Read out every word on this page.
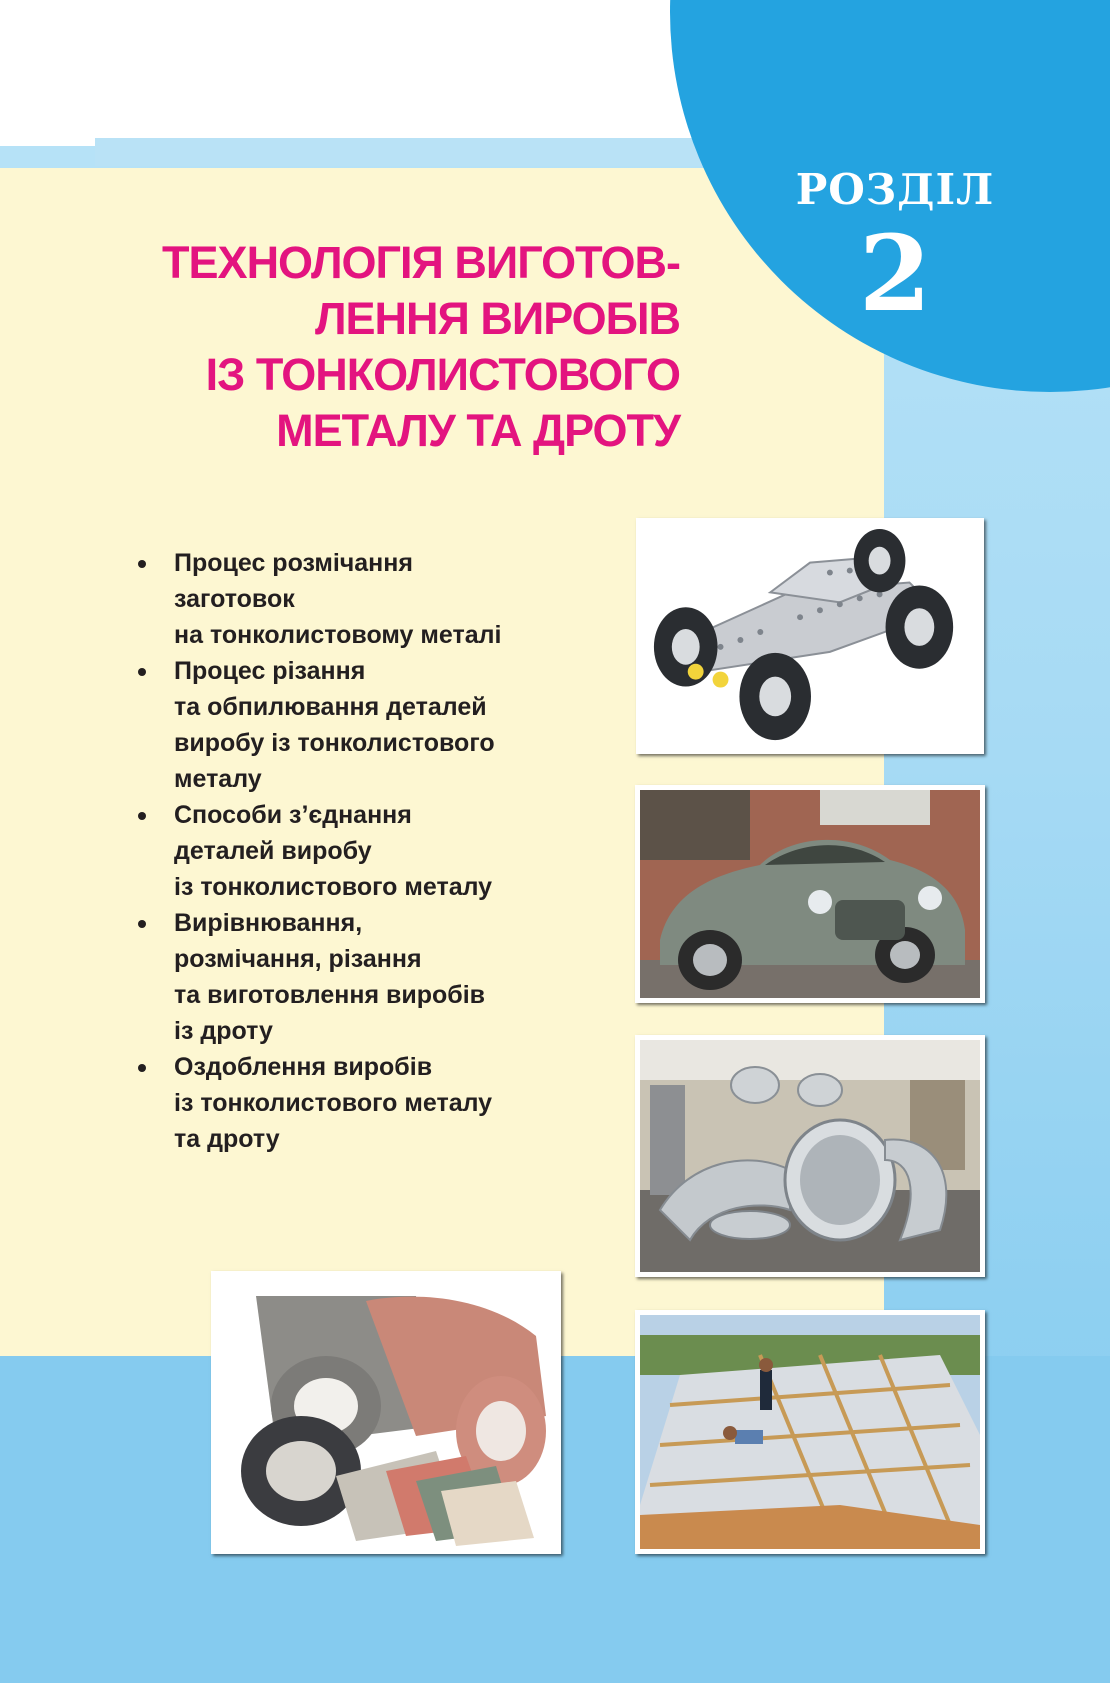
РОЗДІЛ
2
ТЕХНОЛОГІЯ ВИГОТОВ-
ЛЕННЯ ВИРОБІВ
ІЗ ТОНКОЛИСТОВОГО
МЕТАЛУ ТА ДРОТУ
Процес розмічання
заготовок
на тонколистовому металі
Процес різання
та обпилювання деталей
виробу із тонколистового
металу
Способи з’єднання
деталей виробу
із тонколистового металу
Вирівнювання,
розмічання, різання
та виготовлення виробів
із дроту
Оздоблення виробів
із тонколистового металу
та дроту
